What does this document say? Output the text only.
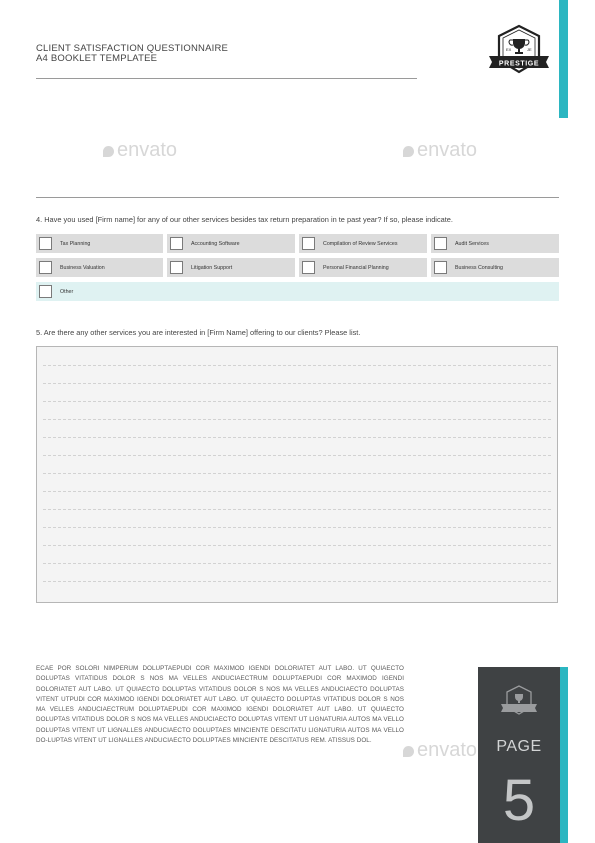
envato	envato
envato
CLIENT SATISFACTION QUESTIONNAIRE
A4 BOOKLET TEMPLATEE
EX	JE
PRESTIGE
4. Have you used [Firm name] for any of our other services besides tax return preparation in te past year? If so, please indicate.
Tax Planning	Accounting Software	Compilation of Review Services	Audit Services
Business Valuation	Litigation Support	Personal Financial Planning	Business Consulting
Other
5. Are there any other services you are interested in [Firm Name] offering to our clients? Please list.
ECAE POR SOLORI NIMPERUM DOLUPTAEPUDI COR MAXIMOD IGENDI DOLORIATET AUT LABO. UT QUIAECTO DOLUPTAS VITATIDUS DOLOR S NOS MA VELLES ANDUCIAECTRUM DOLUPTAEPUDI COR MAXIMOD IGENDI DOLORIATET AUT LABO. UT QUIAECTO DOLUPTAS VITATIDUS DOLOR S NOS MA VELLES ANDUCIAECTO DOLUPTAS VITENT UTPUDI COR MAXIMOD IGENDI DOLORIATET AUT LABO. UT QUIAECTO DOLUPTAS VITATIDUS DOLOR S NOS MA VELLES ANDUCIAECTRUM DOLUPTAEPUDI COR MAXIMOD IGENDI DOLORIATET AUT LABO. UT QUIAECTO DOLUPTAS VITATIDUS DOLOR S NOS MA VELLES ANDUCIAECTO DOLUPTAS VITENT UT LIGNATURIA AUTOS MA VELLO DOLUPTAS VITENT UT LIGNALLES ANDUCIAECTO DOLUPTAES MINCIENTE DESCITATU LIGNATURIA AUTOS MA VELLO DO-LUPTAS VITENT UT LIGNALLES ANDUCIAECTO DOLUPTAES MINCIENTE DESCITATUS REM. ATISSUS DOL.	PAGE
5
